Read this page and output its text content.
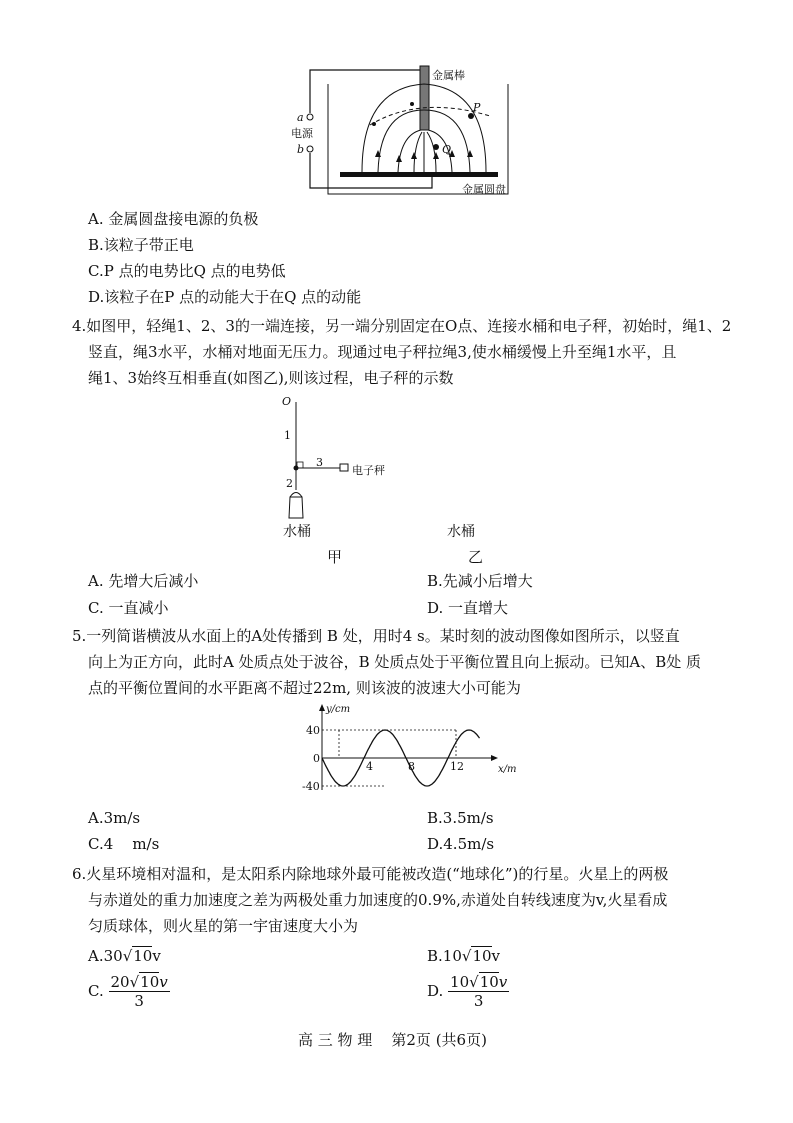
金属棒
a
电源
b
P
Q
金属圆盘
A. 金属圆盘接电源的负极
B.该粒子带正电
C.P 点的电势比Q 点的电势低
D.该粒子在P 点的动能大于在Q 点的动能
4.如图甲，轻绳1、2、3的一端连接，另一端分别固定在O点、连接水桶和电子秤，初始时，绳1、2
竖直，绳3水平，水桶对地面无压力。现通过电子秤拉绳3,使水桶缓慢上升至绳1水平，且
绳1、3始终互相垂直(如图乙),则该过程，电子秤的示数
O
1
3
电子秤
2
水桶	水桶
甲	乙
A. 先增大后减小	B.先减小后增大
C. 一直减小	D. 一直增大
5.一列简谐横波从水面上的A处传播到 B 处，用时4 s。某时刻的波动图像如图所示，以竖直
向上为正方向，此时A 处质点处于波谷，B 处质点处于平衡位置且向上振动。已知A、B处 质
点的平衡位置间的水平距离不超过22m, 则该波的波速大小可能为
y/cm
x/m
40
0
-40
4	8	12
A.3m/s	B.3.5m/s
C.4    m/s	D.4.5m/s
6.火星环境相对温和，是太阳系内除地球外最可能被改造(“地球化”)的行星。火星上的两极
与赤道处的重力加速度之差为两极处重力加速度的0.9%,赤道处自转线速度为v,火星看成
匀质球体，则火星的第一宇宙速度大小为
A.30√10v	B.10√10v
C. $\frac{20√10v}{3}$	D. $\frac{10√10v}{3}$
高 三 物 理    第2页 (共6页)
